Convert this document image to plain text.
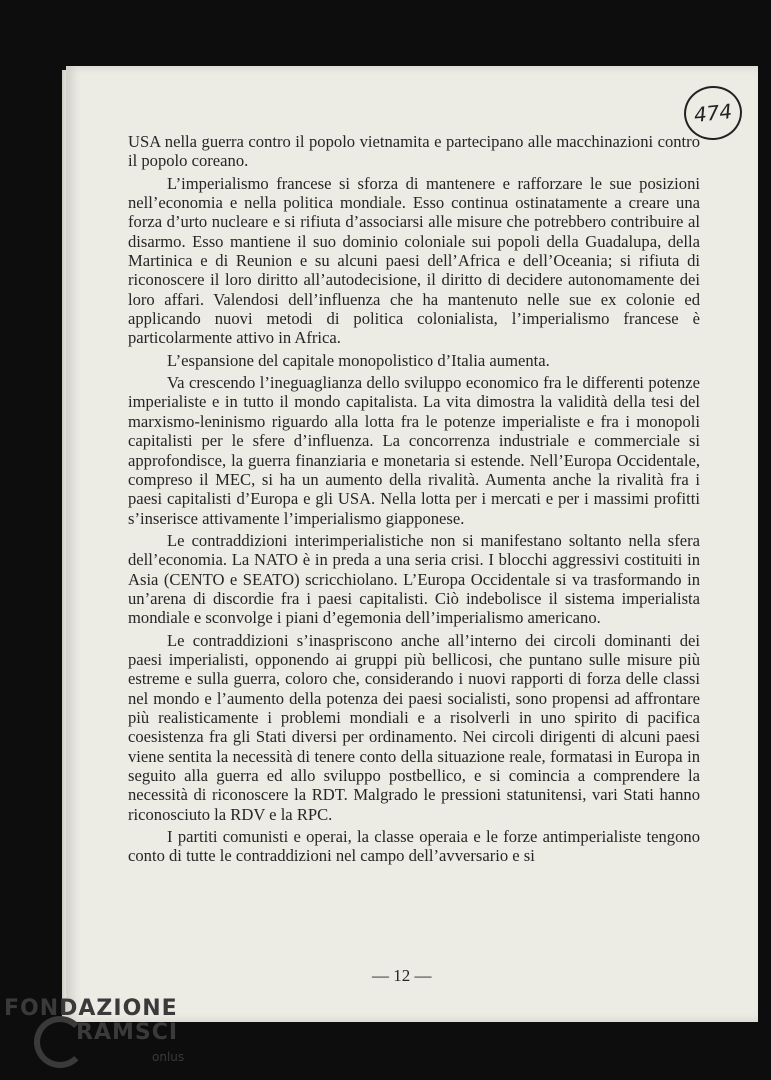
474

USA nella guerra contro il popolo vietnamita e partecipano alle macchinazioni contro il popolo coreano.

L’imperialismo francese si sforza di mantenere e rafforzare le sue posizioni nell’economia e nella politica mondiale. Esso continua ostinatamente a creare una forza d’urto nucleare e si rifiuta d’associarsi alle misure che potrebbero contribuire al disarmo. Esso mantiene il suo dominio coloniale sui popoli della Guadalupa, della Martinica e di Reunion e su alcuni paesi dell’Africa e dell’Oceania; si rifiuta di riconoscere il loro diritto all’autodecisione, il diritto di decidere autonomamente dei loro affari. Valendosi dell’influenza che ha mantenuto nelle sue ex colonie ed applicando nuovi metodi di politica colonialista, l’imperialismo francese è particolarmente attivo in Africa.

L’espansione del capitale monopolistico d’Italia aumenta.

Va crescendo l’ineguaglianza dello sviluppo economico fra le differenti potenze imperialiste e in tutto il mondo capitalista. La vita dimostra la validità della tesi del marxismo-leninismo riguardo alla lotta fra le potenze imperialiste e fra i monopoli capitalisti per le sfere d’influenza. La concorrenza industriale e commerciale si approfondisce, la guerra finanziaria e monetaria si estende. Nell’Europa Occidentale, compreso il MEC, si ha un aumento della rivalità. Aumenta anche la rivalità fra i paesi capitalisti d’Europa e gli USA. Nella lotta per i mercati e per i massimi profitti s’inserisce attivamente l’imperialismo giapponese.

Le contraddizioni interimperialistiche non si manifestano soltanto nella sfera dell’economia. La NATO è in preda a una seria crisi. I blocchi aggressivi costituiti in Asia (CENTO e SEATO) scricchiolano. L’Europa Occidentale si va trasformando in un’arena di discordie fra i paesi capitalisti. Ciò indebolisce il sistema imperialista mondiale e sconvolge i piani d’egemonia dell’imperialismo americano.

Le contraddizioni s’inaspriscono anche all’interno dei circoli dominanti dei paesi imperialisti, opponendo ai gruppi più bellicosi, che puntano sulle misure più estreme e sulla guerra, coloro che, considerando i nuovi rapporti di forza delle classi nel mondo e l’aumento della potenza dei paesi socialisti, sono propensi ad affrontare più realisticamente i problemi mondiali e a risolverli in uno spirito di pacifica coesistenza fra gli Stati diversi per ordinamento. Nei circoli dirigenti di alcuni paesi viene sentita la necessità di tenere conto della situazione reale, formatasi in Europa in seguito alla guerra ed allo sviluppo postbellico, e si comincia a comprendere la necessità di riconoscere la RDT. Malgrado le pressioni statunitensi, vari Stati hanno riconosciuto la RDV e la RPC.

I partiti comunisti e operai, la classe operaia e le forze antimperialiste tengono conto di tutte le contraddizioni nel campo dell’avversario e si

— 12 —
FONDAZIONE
RAMSCI
onlus
